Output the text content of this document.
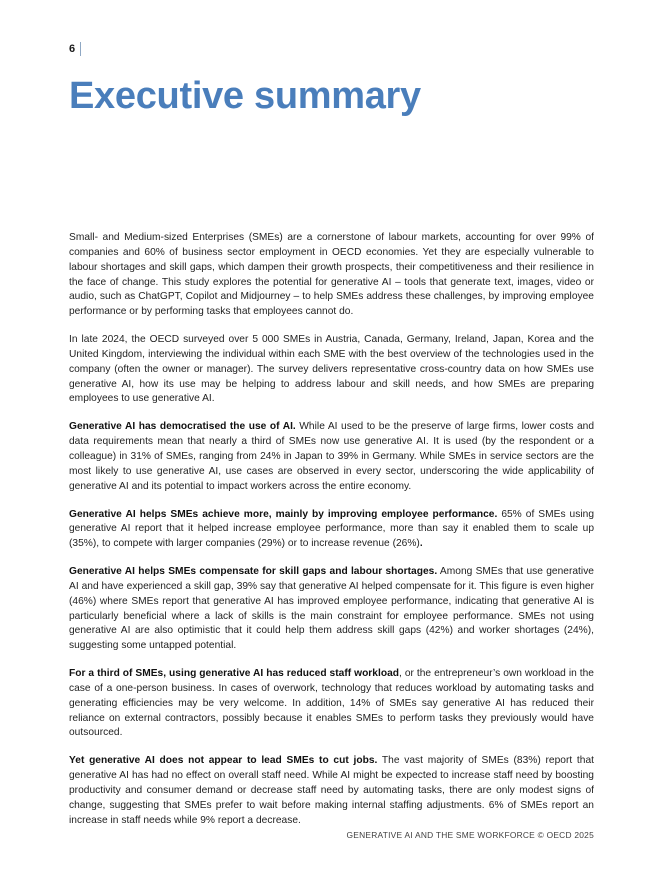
6
Executive summary

Small- and Medium-sized Enterprises (SMEs) are a cornerstone of labour markets, accounting for over 99% of companies and 60% of business sector employment in OECD economies. Yet they are especially vulnerable to labour shortages and skill gaps, which dampen their growth prospects, their competitiveness and their resilience in the face of change. This study explores the potential for generative AI – tools that generate text, images, video or audio, such as ChatGPT, Copilot and Midjourney – to help SMEs address these challenges, by improving employee performance or by performing tasks that employees cannot do.

In late 2024, the OECD surveyed over 5 000 SMEs in Austria, Canada, Germany, Ireland, Japan, Korea and the United Kingdom, interviewing the individual within each SME with the best overview of the technologies used in the company (often the owner or manager). The survey delivers representative cross-country data on how SMEs use generative AI, how its use may be helping to address labour and skill needs, and how SMEs are preparing employees to use generative AI.

Generative AI has democratised the use of AI. While AI used to be the preserve of large firms, lower costs and data requirements mean that nearly a third of SMEs now use generative AI. It is used (by the respondent or a colleague) in 31% of SMEs, ranging from 24% in Japan to 39% in Germany. While SMEs in service sectors are the most likely to use generative AI, use cases are observed in every sector, underscoring the wide applicability of generative AI and its potential to impact workers across the entire economy.

Generative AI helps SMEs achieve more, mainly by improving employee performance. 65% of SMEs using generative AI report that it helped increase employee performance, more than say it enabled them to scale up (35%), to compete with larger companies (29%) or to increase revenue (26%).

Generative AI helps SMEs compensate for skill gaps and labour shortages. Among SMEs that use generative AI and have experienced a skill gap, 39% say that generative AI helped compensate for it. This figure is even higher (46%) where SMEs report that generative AI has improved employee performance, indicating that generative AI is particularly beneficial where a lack of skills is the main constraint for employee performance. SMEs not using generative AI are also optimistic that it could help them address skill gaps (42%) and worker shortages (24%), suggesting some untapped potential.

For a third of SMEs, using generative AI has reduced staff workload, or the entrepreneur’s own workload in the case of a one-person business. In cases of overwork, technology that reduces workload by automating tasks and generating efficiencies may be very welcome. In addition, 14% of SMEs say generative AI has reduced their reliance on external contractors, possibly because it enables SMEs to perform tasks they previously would have outsourced.

Yet generative AI does not appear to lead SMEs to cut jobs. The vast majority of SMEs (83%) report that generative AI has had no effect on overall staff need. While AI might be expected to increase staff need by boosting productivity and consumer demand or decrease staff need by automating tasks, there are only modest signs of change, suggesting that SMEs prefer to wait before making internal staffing adjustments. 6% of SMEs report an increase in staff needs while 9% report a decrease.

GENERATIVE AI AND THE SME WORKFORCE © OECD 2025
